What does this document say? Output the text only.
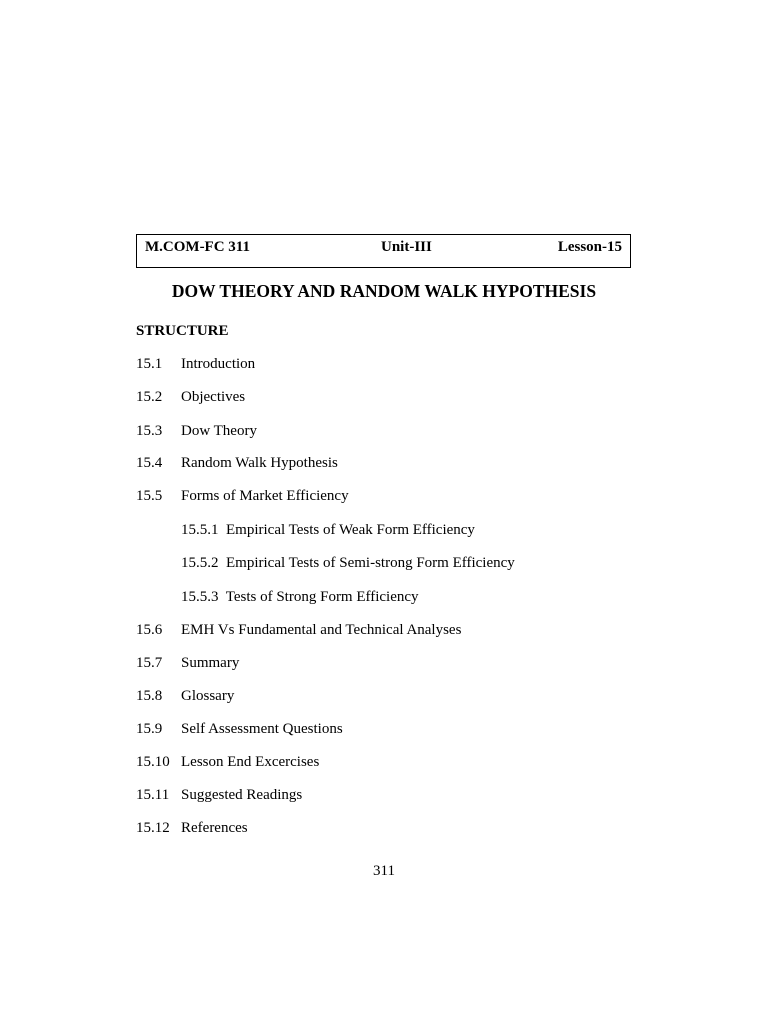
M.COM-FC 311	Unit-III	Lesson-15
DOW THEORY AND RANDOM WALK HYPOTHESIS
STRUCTURE
15.1 Introduction
15.2 Objectives
15.3 Dow Theory
15.4 Random Walk Hypothesis
15.5 Forms of Market Efficiency
15.5.1 Empirical Tests of Weak Form Efficiency
15.5.2 Empirical Tests of Semi-strong Form Efficiency
15.5.3 Tests of Strong Form Efficiency
15.6 EMH Vs Fundamental and Technical Analyses
15.7 Summary
15.8 Glossary
15.9 Self Assessment Questions
15.10 Lesson End Excercises
15.11 Suggested Readings
15.12 References
311
